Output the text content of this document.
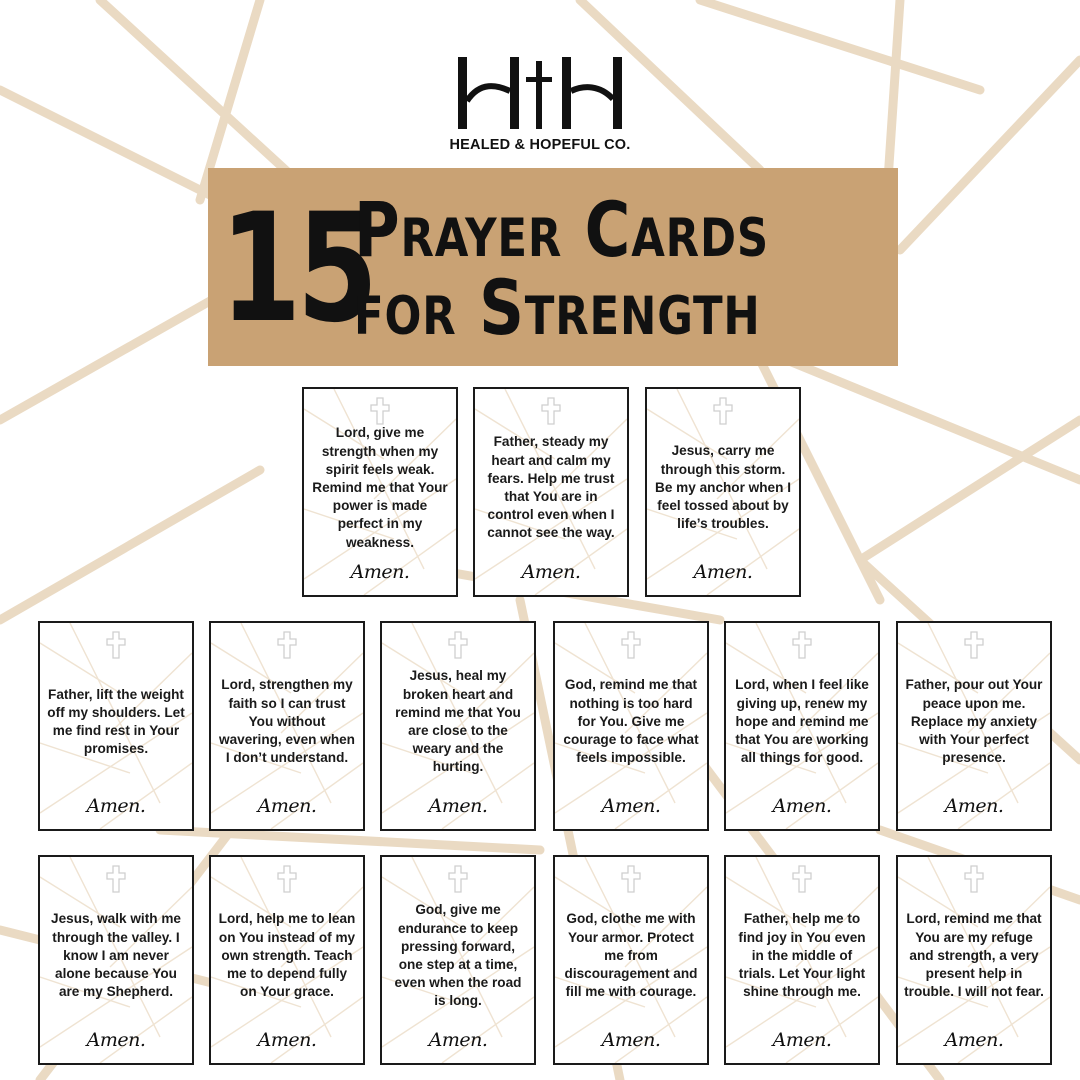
HEALED & HOPEFUL CO.
15
Prayer Cards
for Strength
Lord, give me strength when my spirit feels weak. Remind me that Your power is made perfect in my weakness.
Amen.
Father, steady my heart and calm my fears. Help me trust that You are in control even when I cannot see the way.
Amen.
Jesus, carry me through this storm. Be my anchor when I feel tossed about by life’s troubles.
Amen.
Father, lift the weight off my shoulders. Let me find rest in Your promises.
Amen.
Lord, strengthen my faith so I can trust You without wavering, even when I don’t understand.
Amen.
Jesus, heal my broken heart and remind me that You are close to the weary and the hurting.
Amen.
God, remind me that nothing is too hard for You. Give me courage to face what feels impossible.
Amen.
Lord, when I feel like giving up, renew my hope and remind me that You are working all things for good.
Amen.
Father, pour out Your peace upon me. Replace my anxiety with Your perfect presence.
Amen.
Jesus, walk with me through the valley. I know I am never alone because You are my Shepherd.
Amen.
Lord, help me to lean on You instead of my own strength. Teach me to depend fully on Your grace.
Amen.
God, give me endurance to keep pressing forward, one step at a time, even when the road is long.
Amen.
God, clothe me with Your armor. Protect me from discouragement and fill me with courage.
Amen.
Father, help me to find joy in You even in the middle of trials. Let Your light shine through me.
Amen.
Lord, remind me that You are my refuge and strength, a very present help in trouble. I will not fear.
Amen.
